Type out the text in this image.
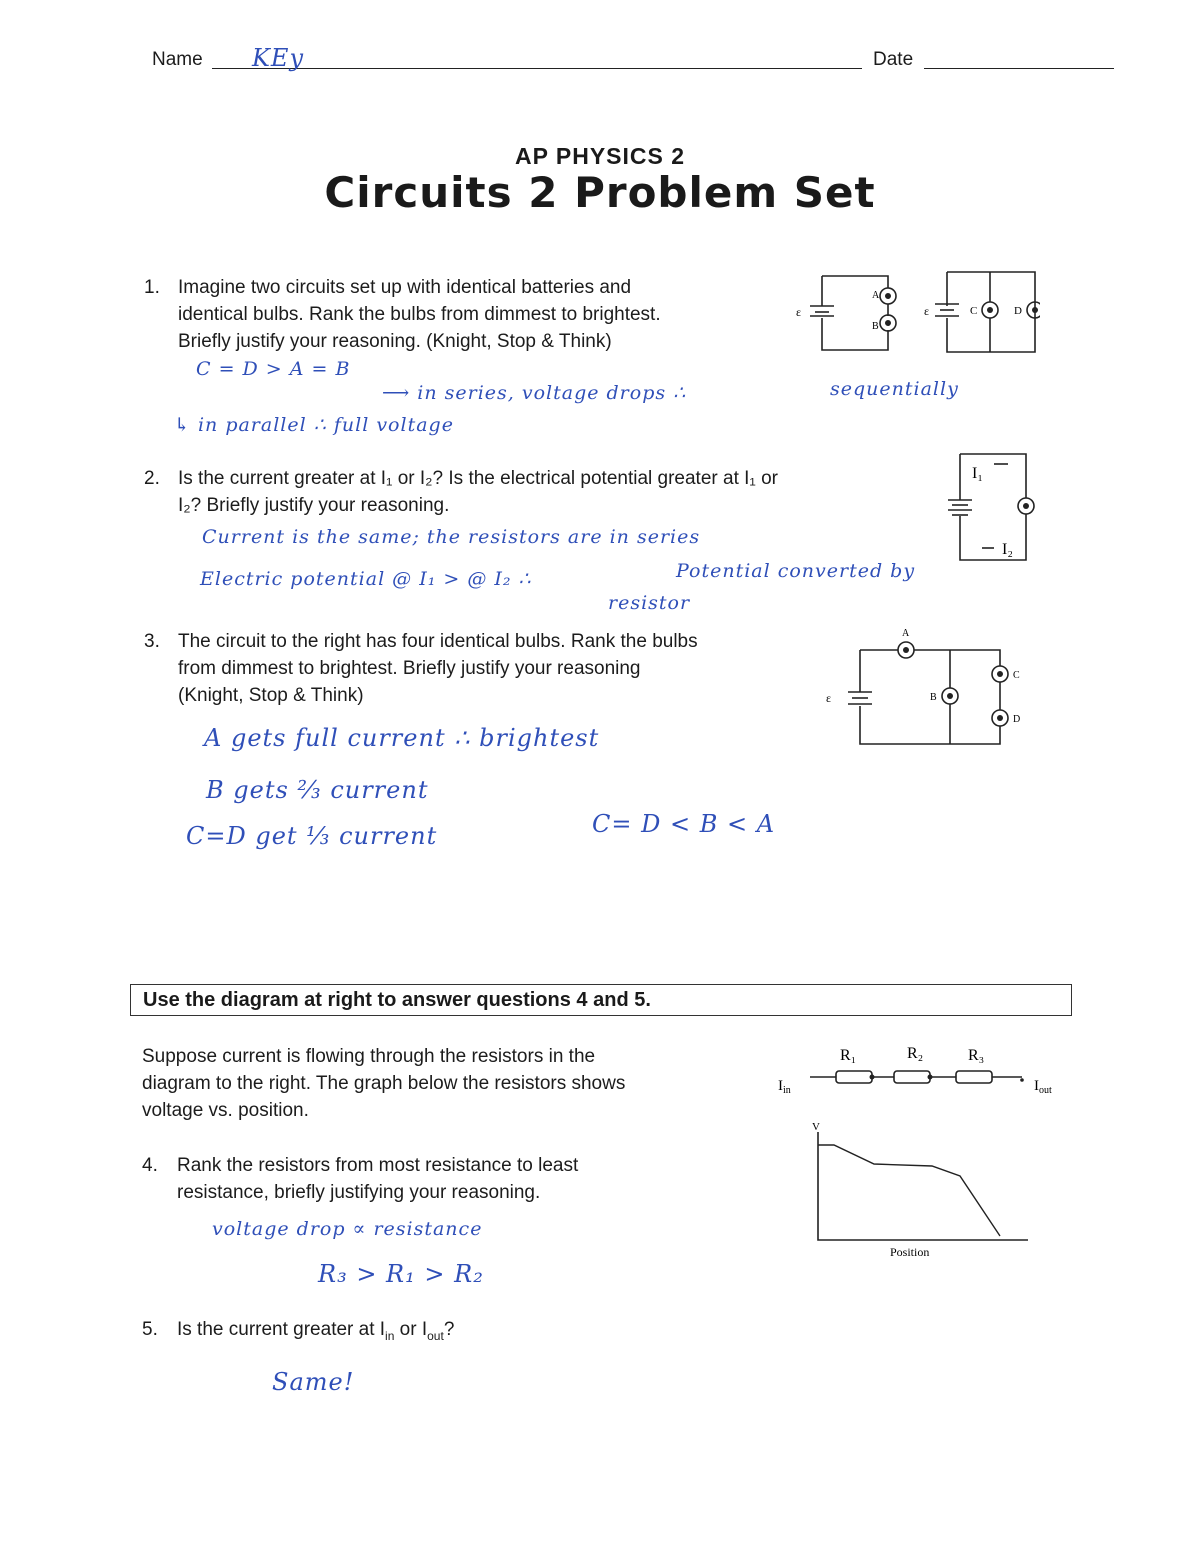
Name KEy	Date
AP PHYSICS 2
Circuits 2 Problem Set
1. Imagine two circuits set up with identical batteries and
identical bulbs. Rank the bulbs from dimmest to brightest.
Briefly justify your reasoning. (Knight, Stop & Think)
C = D > A = B
⟶ in series, voltage drops ∴	sequentially
↳ in parallel ∴ full voltage
ε
A
B
ε	C	D
2. Is the current greater at I₁ or I₂? Is the electrical potential greater at I₁ or
I₂? Briefly justify your reasoning.
Current is the same; the resistors are in series
Electric potential @ I₁ > @ I₂ ∴	Potential converted by
resistor
I₁
I₂
3. The circuit to the right has four identical bulbs. Rank the bulbs
from dimmest to brightest. Briefly justify your reasoning
(Knight, Stop & Think)
A gets full current ∴ brightest
B gets ⅔ current
C=D get ⅓ current	C= D < B < A
A
ε	B
C
D
Use the diagram at right to answer questions 4 and 5.
Suppose current is flowing through the resistors in the
diagram to the right. The graph below the resistors shows
voltage vs. position.
R₁	R₂	R₃
$I_{in}$	$I_{out}$
V
Position
4. Rank the resistors from most resistance to least
resistance, briefly justifying your reasoning.
voltage drop ∝ resistance
R₃ > R₁ > R₂
5. Is the current greater at $I_{in}$ or $I_{out}$?
Same!
